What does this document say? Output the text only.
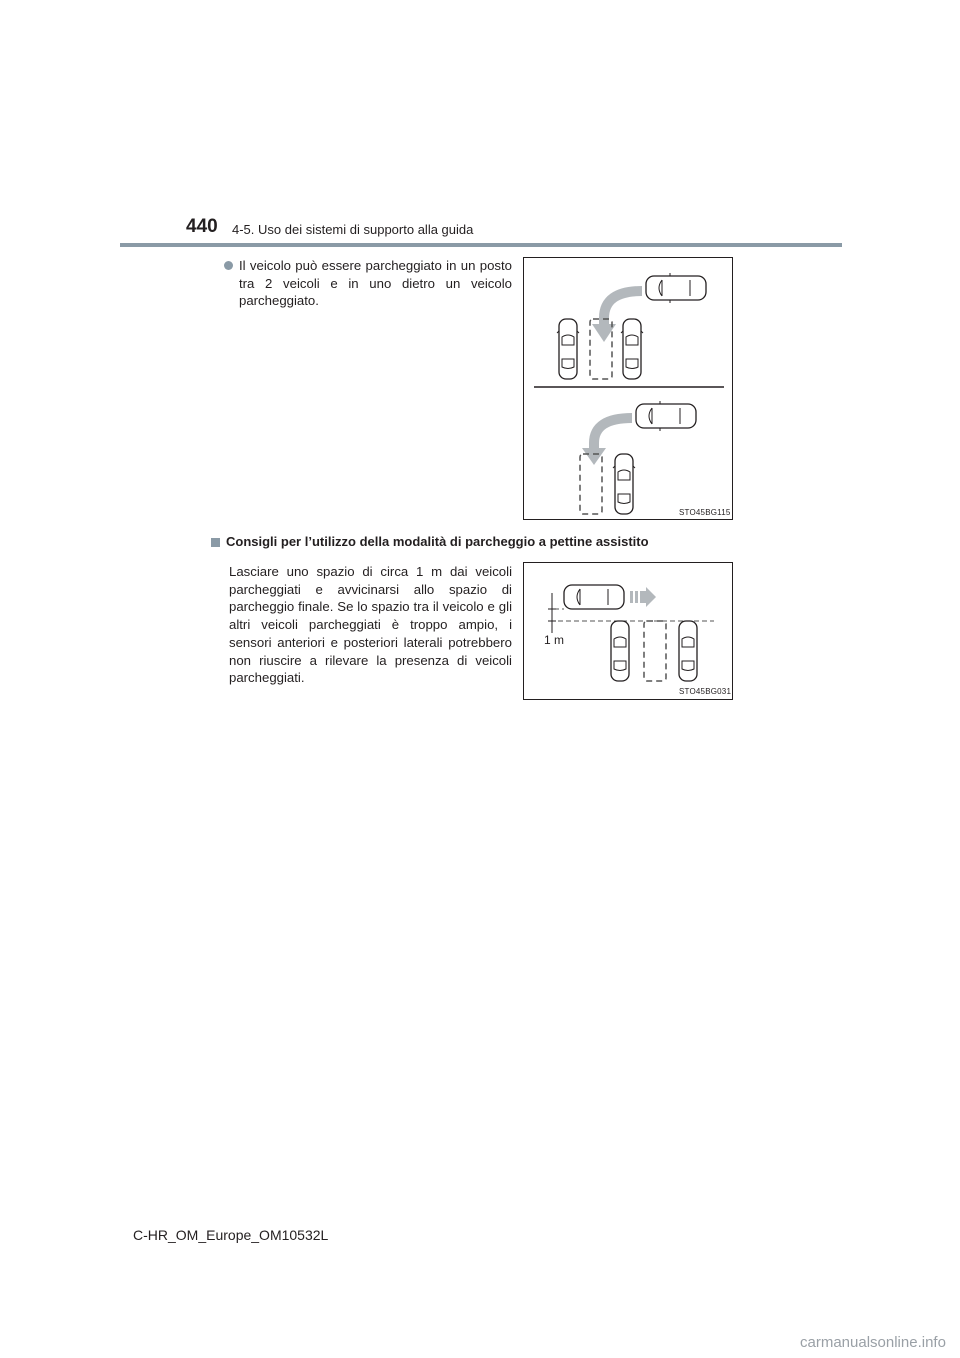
440 4-5. Uso dei sistemi di supporto alla guida
Il veicolo può essere parcheggiato in un posto tra 2 veicoli e in uno dietro un veicolo parcheggiato.
STO45BG115
Consigli per l’utilizzo della modalità di parcheggio a pettine assistito
Lasciare uno spazio di circa 1 m dai veicoli parcheggiati e avvicinarsi allo spazio di parcheggio finale. Se lo spazio tra il veicolo e gli altri veicoli parcheggiati è troppo ampio, i sensori anteriori e posteriori laterali potrebbero non riuscire a rilevare la presenza di veicoli parcheggiati.
1 m
STO45BG031
C-HR_OM_Europe_OM10532L
carmanualsonline.info
